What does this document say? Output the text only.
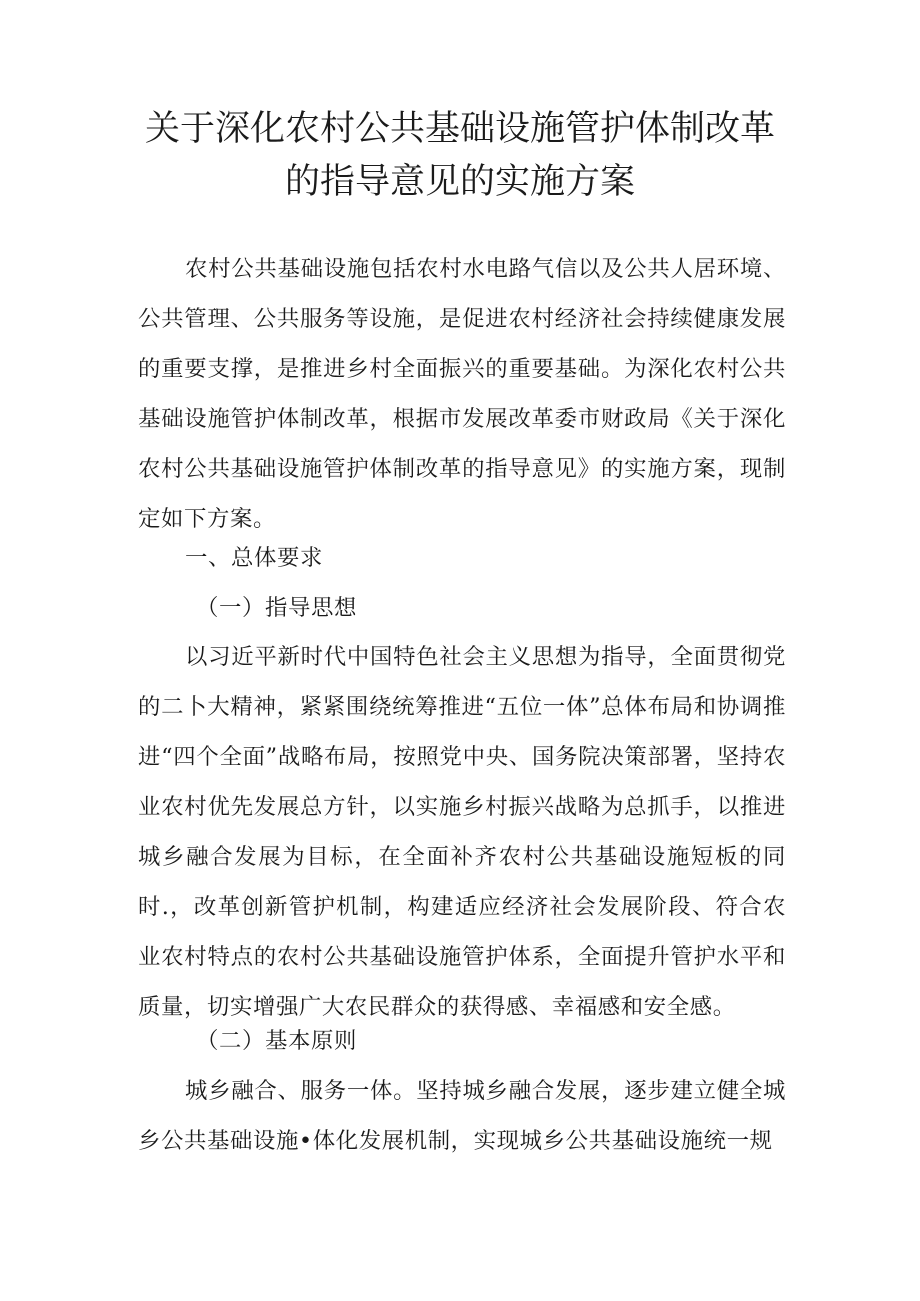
关于深化农村公共基础设施管护体制改革
的指导意见的实施方案

农村公共基础设施包括农村水电路气信以及公共人居环境、公共管理、公共服务等设施，是促进农村经济社会持续健康发展的重要支撑，是推进乡村全面振兴的重要基础。为深化农村公共基础设施管护体制改革，根据市发展改革委市财政局《关于深化农村公共基础设施管护体制改革的指导意见》的实施方案，现制定如下方案。

一、总体要求

（一）指导思想

以习近平新时代中国特色社会主义思想为指导，全面贯彻党的二卜大精神，紧紧围绕统筹推进“五位一体”总体布局和协调推进“四个全面”战略布局，按照党中央、国务院决策部署，坚持农业农村优先发展总方针，以实施乡村振兴战略为总抓手，以推进城乡融合发展为目标，在全面补齐农村公共基础设施短板的同时.，改革创新管护机制，构建适应经济社会发展阶段、符合农业农村特点的农村公共基础设施管护体系，全面提升管护水平和质量，切实增强广大农民群众的获得感、幸福感和安全感。

（二）基本原则

城乡融合、服务一体。坚持城乡融合发展，逐步建立健全城乡公共基础设施•体化发展机制，实现城乡公共基础设施统一规
